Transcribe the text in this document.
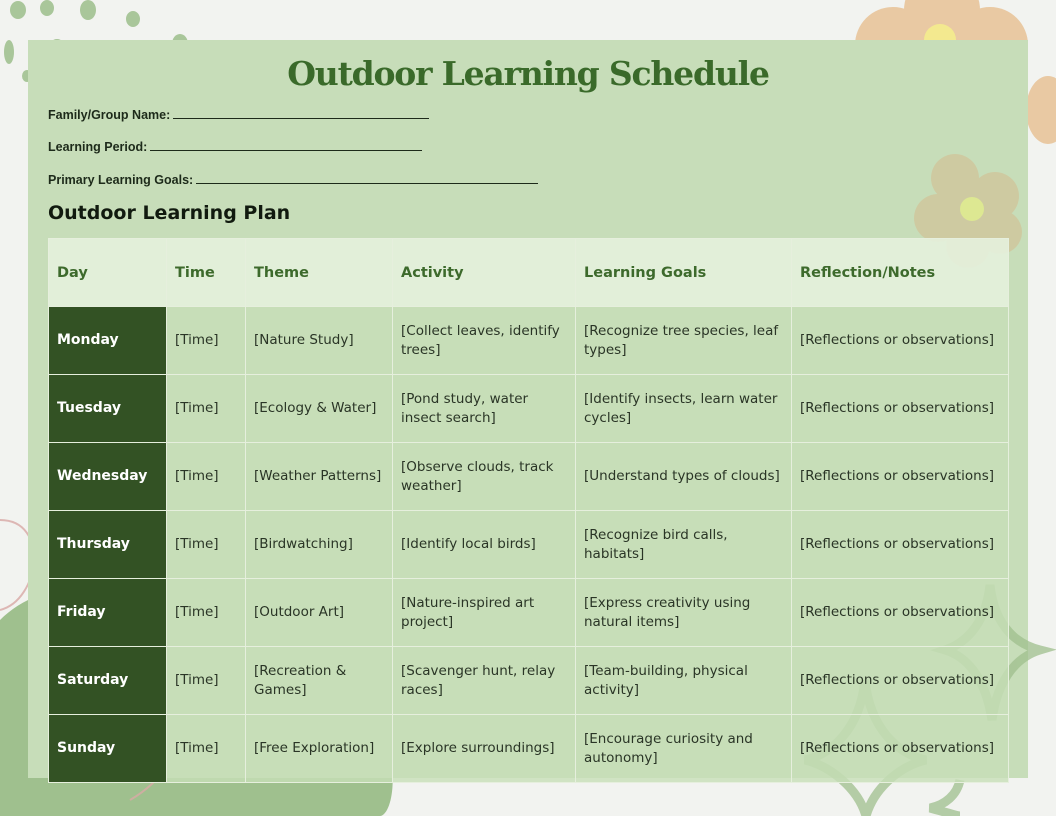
Outdoor Learning Schedule
Family/Group Name:
Learning Period:
Primary Learning Goals:
Outdoor Learning Plan
Day	Time	Theme	Activity	Learning Goals	Reflection/Notes
Monday	[Time]	[Nature Study]	[Collect leaves, identify trees]	[Recognize tree species, leaf types]	[Reflections or observations]
Tuesday	[Time]	[Ecology & Water]	[Pond study, water insect search]	[Identify insects, learn water cycles]	[Reflections or observations]
Wednesday	[Time]	[Weather Patterns]	[Observe clouds, track weather]	[Understand types of clouds]	[Reflections or observations]
Thursday	[Time]	[Birdwatching]	[Identify local birds]	[Recognize bird calls, habitats]	[Reflections or observations]
Friday	[Time]	[Outdoor Art]	[Nature-inspired art project]	[Express creativity using natural items]	[Reflections or observations]
Saturday	[Time]	[Recreation & Games]	[Scavenger hunt, relay races]	[Team-building, physical activity]	[Reflections or observations]
Sunday	[Time]	[Free Exploration]	[Explore surroundings]	[Encourage curiosity and autonomy]	[Reflections or observations]
